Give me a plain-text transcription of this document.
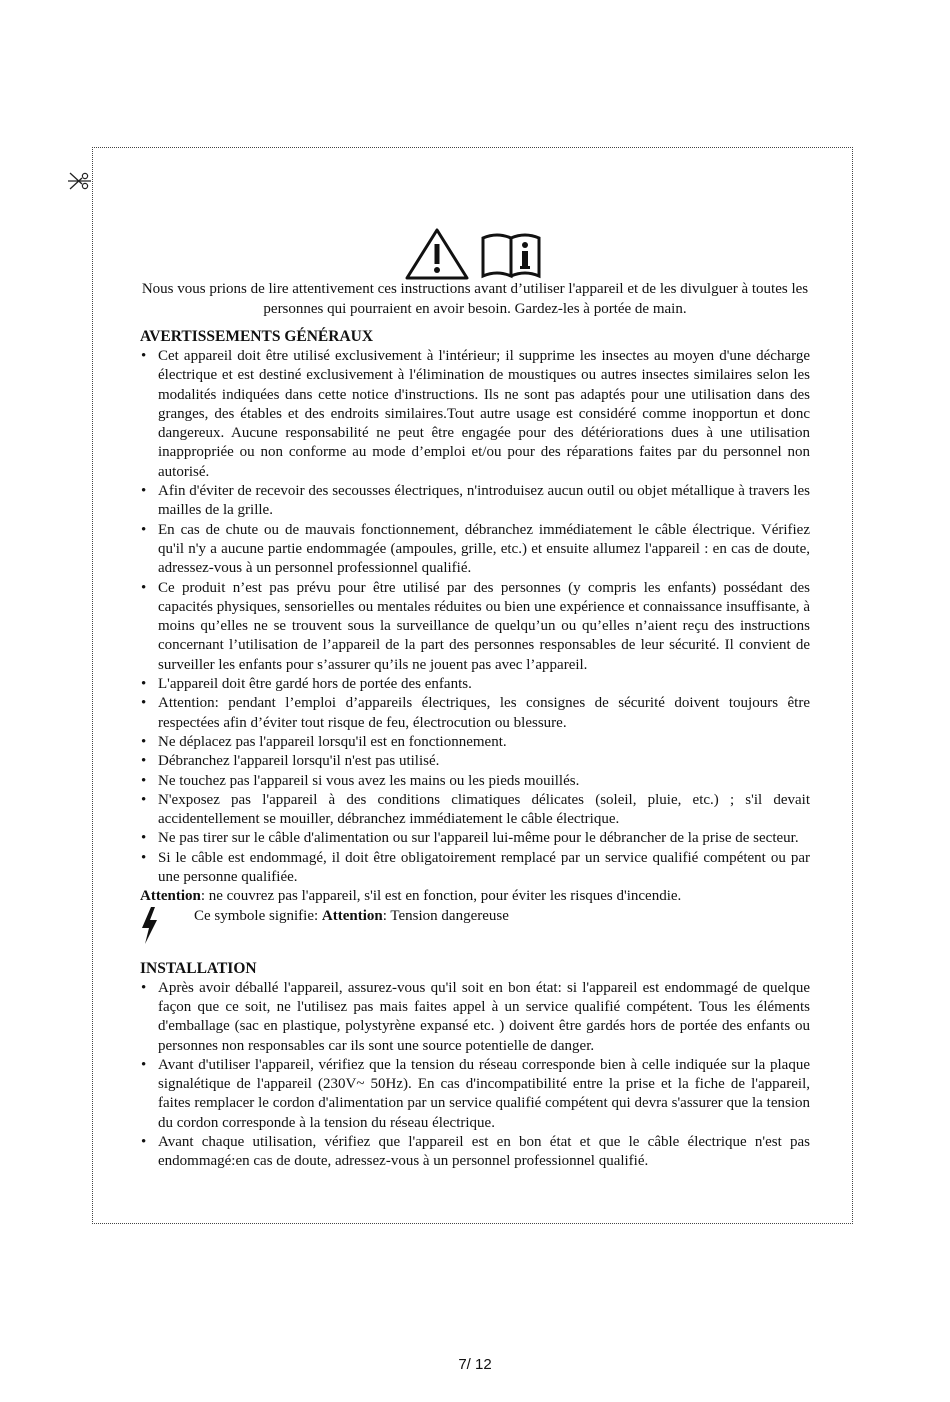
Nous vous prions de lire attentivement ces instructions avant d’utiliser l'appareil et de les divulguer à toutes les personnes qui pourraient en avoir besoin. Gardez-les à portée de main.

AVERTISSEMENTS GÉNÉRAUX

• Cet appareil doit être utilisé exclusivement à l'intérieur; il supprime les insectes au moyen d'une décharge électrique et est destiné exclusivement à l'élimination de moustiques ou autres insectes similaires selon les modalités indiquées dans cette notice d'instructions. Ils ne sont pas adaptés pour une utilisation dans des granges, des étables et des endroits similaires.Tout autre usage est considéré comme inopportun et donc dangereux. Aucune responsabilité ne peut être engagée pour des détériorations dues à une utilisation inappropriée ou non conforme au mode d’emploi et/ou pour des réparations faites par du personnel non autorisé.
• Afin d'éviter de recevoir des secousses électriques, n'introduisez aucun outil ou objet métallique à travers les mailles de la grille.
• En cas de chute ou de mauvais fonctionnement, débranchez immédiatement le câble électrique. Vérifiez qu'il n'y a aucune partie endommagée (ampoules, grille, etc.) et ensuite allumez l'appareil : en cas de doute, adressez-vous à un personnel professionnel qualifié.
• Ce produit n’est pas prévu pour être utilisé par des personnes (y compris les enfants) possédant des capacités physiques, sensorielles ou mentales réduites ou bien une expérience et connaissance insuffisante, à moins qu’elles ne se trouvent sous la surveillance de quelqu’un ou qu’elles n’aient reçu des instructions concernant l’utilisation de l’appareil de la part des personnes responsables de leur sécurité. Il convient de surveiller les enfants pour s’assurer qu’ils ne jouent pas avec l’appareil.
• L'appareil doit être gardé hors de portée des enfants.
• Attention: pendant l’emploi d’appareils électriques, les consignes de sécurité doivent toujours être respectées afin d’éviter tout risque de feu, électrocution ou blessure.
• Ne déplacez pas l'appareil lorsqu'il est en fonctionnement.
• Débranchez l'appareil lorsqu'il n'est pas utilisé.
• Ne touchez pas l'appareil si vous avez les mains ou les pieds mouillés.
• N'exposez pas l'appareil à des conditions climatiques délicates (soleil, pluie, etc.) ; s'il devait accidentellement se mouiller, débranchez immédiatement le câble électrique.
• Ne pas tirer sur le câble d'alimentation ou sur l'appareil lui-même pour le débrancher de la prise de secteur.
• Si le câble est endommagé, il doit être obligatoirement remplacé par un service qualifié compétent ou par une personne qualifiée.

Attention: ne couvrez pas l'appareil, s'il est en fonction, pour éviter les risques d'incendie.

Ce symbole signifie: Attention: Tension dangereuse

INSTALLATION

• Après avoir déballé l'appareil, assurez-vous qu'il soit en bon état: si l'appareil est endommagé de quelque façon que ce soit, ne l'utilisez pas mais faites appel à un service qualifié compétent. Tous les éléments d'emballage (sac en plastique, polystyrène expansé etc. ) doivent être gardés hors de portée des enfants ou personnes non responsables car ils sont une source potentielle de danger.
• Avant d'utiliser l'appareil, vérifiez que la tension du réseau corresponde bien à celle indiquée sur la plaque signalétique de l'appareil (230V~ 50Hz). En cas d'incompatibilité entre la prise et la fiche de l'appareil, faites remplacer le cordon d'alimentation par un service qualifié compétent qui devra s'assurer que la tension du cordon corresponde à la tension du réseau électrique.
• Avant chaque utilisation, vérifiez que l'appareil est en bon état et que le câble électrique n'est pas endommagé:en cas de doute, adressez-vous à un personnel professionnel qualifié.
7/ 12
